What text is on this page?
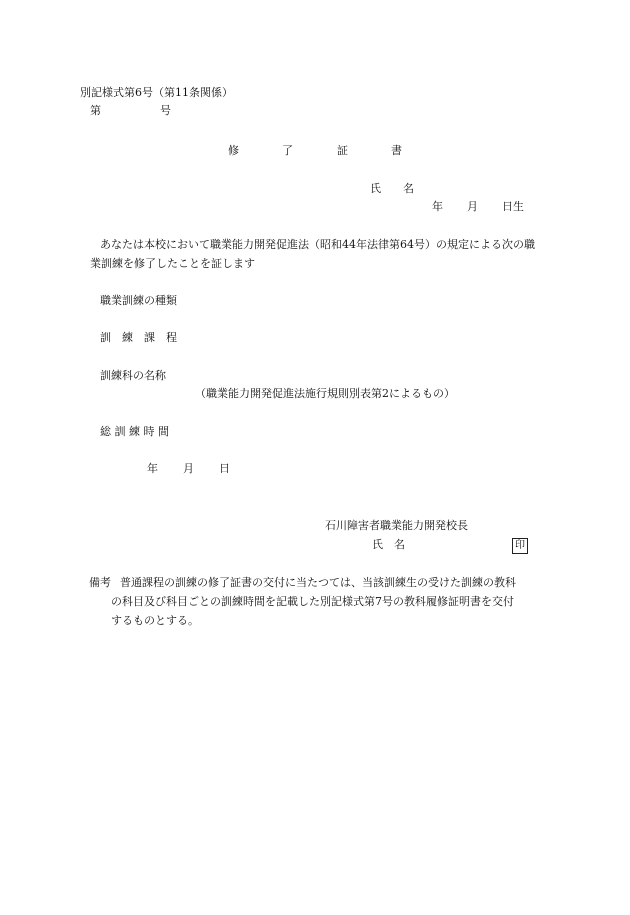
別記様式第6号（第11条関係）
第	号
修	了	証	書
氏　　名
年 月 日生
あなたは本校において職業能力開発促進法（昭和44年法律第64号）の規定による次の職
業訓練を修了したことを証します
職業訓練の種類
訓　練　課　程
訓練科の名称
（職業能力開発促進法施行規則別表第2によるもの）
総 訓 練 時 間
年 月 日
石川障害者職業能力開発校長
氏　名	印
備考 普通課程の訓練の修了証書の交付に当たつては、当該訓練生の受けた訓練の教科
の科目及び科目ごとの訓練時間を記載した別記様式第7号の教科履修証明書を交付
するものとする。
